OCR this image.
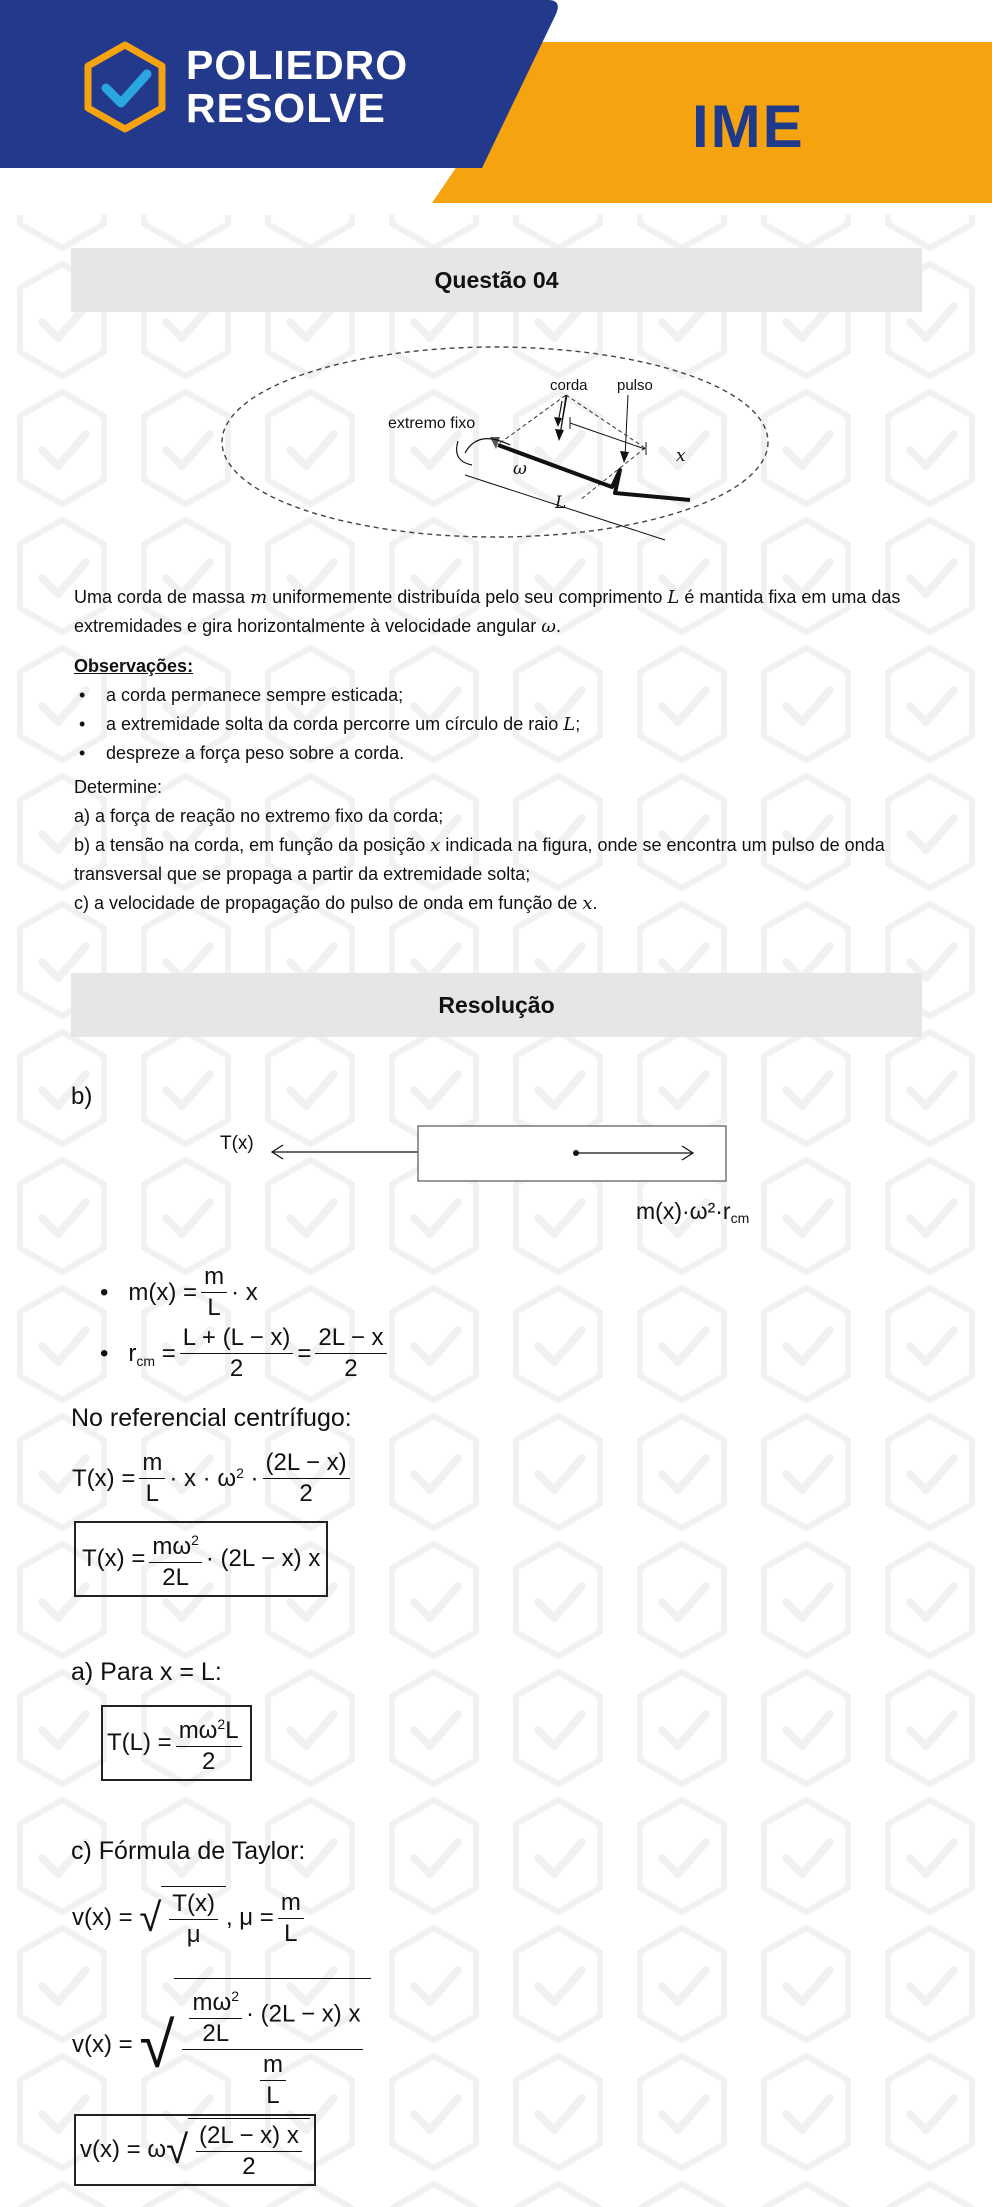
POLIEDRO
RESOLVE	IME
Questão 04
corda pulso
extremo fixo
x
L
ω

Uma corda de massa m uniformemente distribuída pelo seu comprimento L é mantida fixa em uma das extremidades e gira horizontalmente à velocidade angular ω.

Observações:

• a corda permanece sempre esticada;
• a extremidade solta da corda percorre um círculo de raio L;
• despreze a força peso sobre a corda.

Determine:

a) a força de reação no extremo fixo da corda;

b) a tensão na corda, em função da posição x indicada na figura, onde se encontra um pulso de onda transversal que se propaga a partir da extremidade solta;

c) a velocidade de propagação do pulso de onda em função de x.

Resolução
b)
T(x)
$m(x)\cdot\omega^2\cdot r_{cm}$
• $m(x) = \frac{m}{L} \cdot x$
• $r_{cm} = \frac{L + (L - x)}{2} = \frac{2L - x}{2}$
No referencial centrífugo:
$T(x) = \frac{m}{L} \cdot x \cdot \omega^2 \cdot \frac{(2L - x)}{2}$
$T(x) = \frac{m\omega^2}{2L} \cdot (2L - x)$ x
a) Para x = L:
$T(L) = \frac{m\omega^2L}{2}$
c) Fórmula de Taylor:
v(x) = √ $\frac{T(x)}{\mu}$ , $\mu = \frac{m}{L}$
v(x) = √ $\frac{\frac{m\omega^2}{2L} \cdot (2L - x) x}{\frac{m}{L}}$
v(x) = ω √ $\frac{(2L - x) x}{2}$
